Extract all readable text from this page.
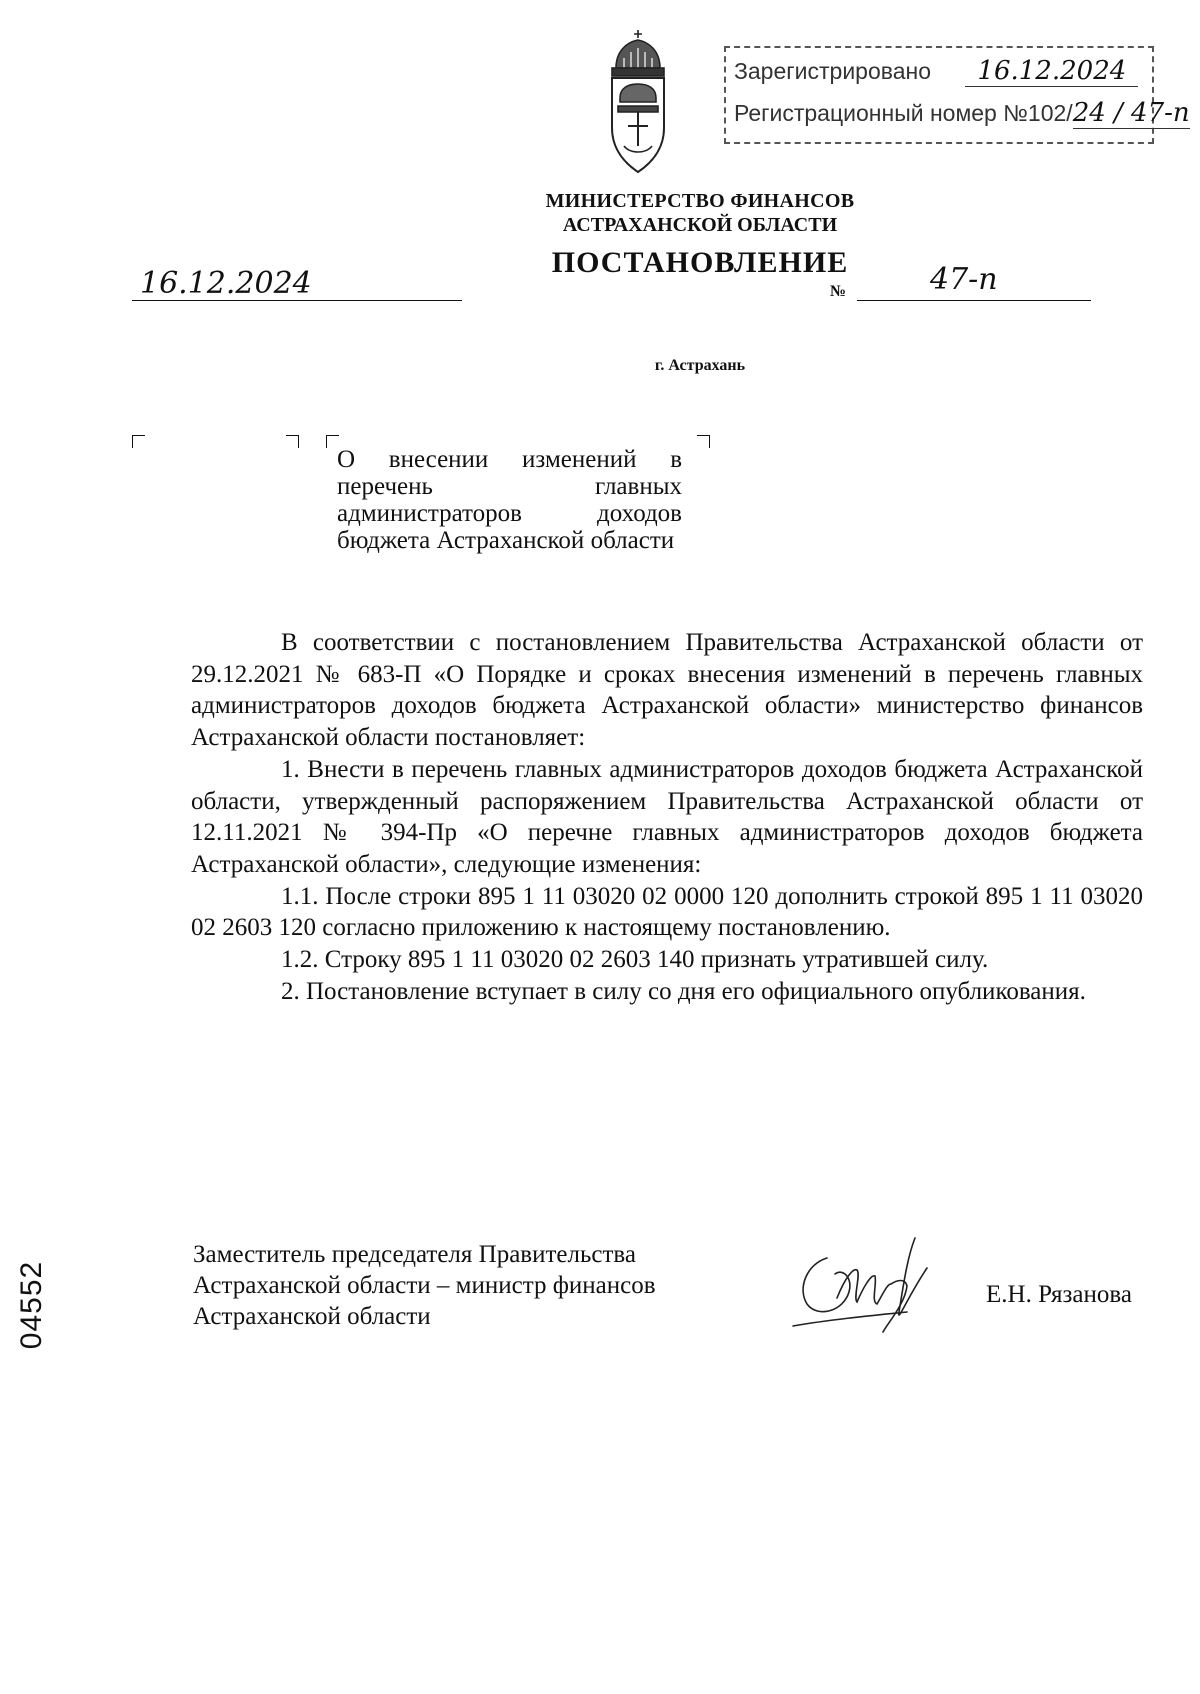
Зарегистрировано 16.12.2024
Регистрационный номер №102/24 / 47-п
МИНИСТЕРСТВО ФИНАНСОВ
АСТРАХАНСКОЙ ОБЛАСТИ
ПОСТАНОВЛЕНИЕ
16.12.2024	№	47-п
г. Астрахань
О внесении изменений в перечень главных администраторов доходов бюджета Астраханской области

В соответствии с постановлением Правительства Астраханской области от 29.12.2021 № 683-П «О Порядке и сроках внесения изменений в перечень главных администраторов доходов бюджета Астраханской области» министерство финансов Астраханской области постановляет:

1. Внести в перечень главных администраторов доходов бюджета Астраханской области, утвержденный распоряжением Правительства Астраханской области от 12.11.2021 № 394-Пр «О перечне главных администраторов доходов бюджета Астраханской области», следующие изменения:

1.1. После строки 895 1 11 03020 02 0000 120 дополнить строкой 895 1 11 03020 02 2603 120 согласно приложению к настоящему постановлению.

1.2. Строку 895 1 11 03020 02 2603 140 признать утратившей силу.

2. Постановление вступает в силу со дня его официального опубликования.

Заместитель председателя Правительства
Астраханской области – министр финансов
Астраханской области
Е.Н. Рязанова
04552
